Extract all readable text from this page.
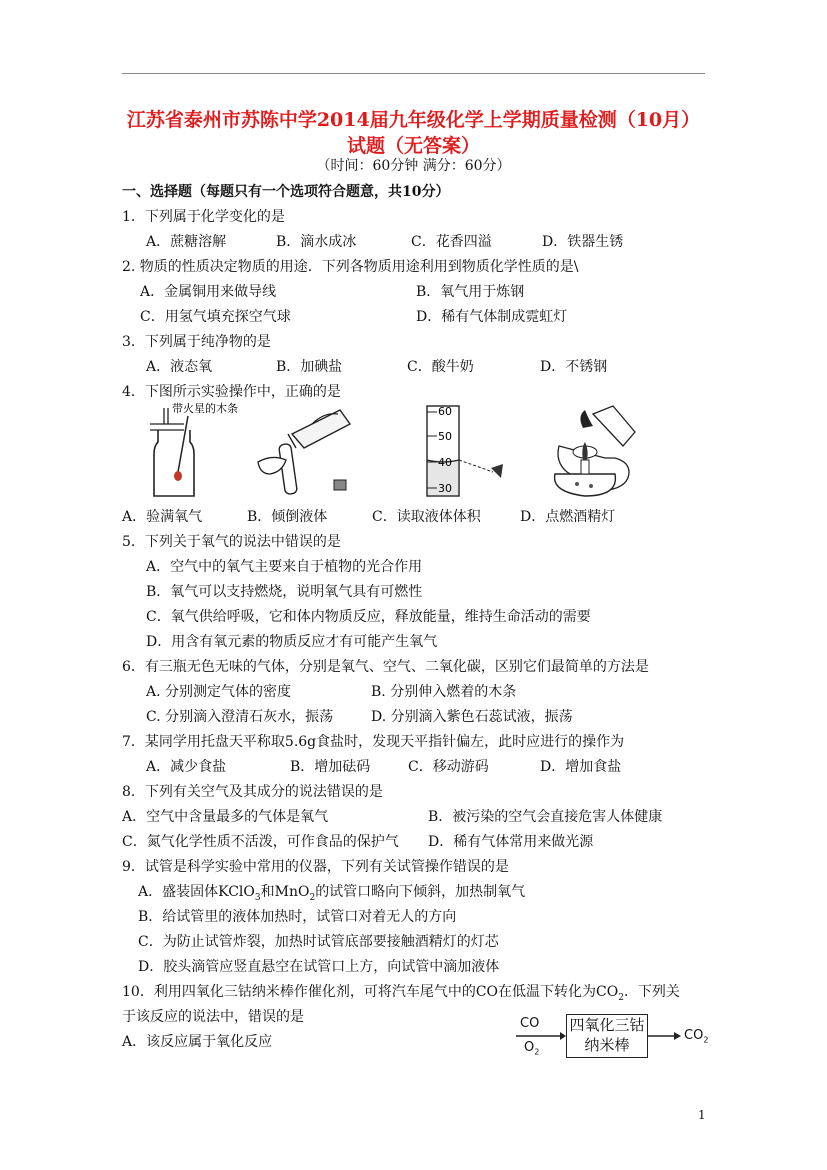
江苏省泰州市苏陈中学2014届九年级化学上学期质量检测（10月）
试题（无答案）
（时间：60分钟 满分：60分）
一、选择题（每题只有一个选项符合题意，共10分）
1．下列属于化学变化的是
A．蔗糖溶解	B．滴水成冰	C．花香四溢	D．铁器生锈
2. 物质的性质决定物质的用途．下列各物质用途利用到物质化学性质的是\
A．金属铜用来做导线	B．氧气用于炼钢
C．用氢气填充探空气球	D．稀有气体制成霓虹灯
3．下列属于纯净物的是
A．液态氧	B．加碘盐	C．酸牛奶	D．不锈钢
4．下图所示实验操作中，正确的是
带火星的木条	60
50
40
30
A．验满氧气	B．倾倒液体	C．读取液体体积	D．点燃酒精灯
5．下列关于氧气的说法中错误的是
A．空气中的氧气主要来自于植物的光合作用
B．氧气可以支持燃烧，说明氧气具有可燃性
C．氧气供给呼吸，它和体内物质反应，释放能量，维持生命活动的需要
D．用含有氧元素的物质反应才有可能产生氧气
6．有三瓶无色无味的气体，分别是氧气、空气、二氧化碳，区别它们最简单的方法是
A. 分别测定气体的密度	B. 分别伸入燃着的木条
C. 分别滴入澄清石灰水，振荡	D. 分别滴入紫色石蕊试液，振荡
7．某同学用托盘天平称取5.6g食盐时，发现天平指针偏左，此时应进行的操作为
A．减少食盐	B．增加砝码	C．移动游码	D．增加食盐
8．下列有关空气及其成分的说法错误的是
A．空气中含量最多的气体是氧气	B．被污染的空气会直接危害人体健康
C．氮气化学性质不活泼，可作食品的保护气 D．稀有气体常用来做光源
9．试管是科学实验中常用的仪器，下列有关试管操作错误的是
A．盛装固体KClO$_3$和MnO$_2$的试管口略向下倾斜，加热制氧气
B．给试管里的液体加热时，试管口对着无人的方向
C．为防止试管炸裂，加热时试管底部要接触酒精灯的灯芯
D．胶头滴管应竖直悬空在试管口上方，向试管中滴加液体
10．利用四氧化三钴纳米棒作催化剂，可将汽车尾气中的CO在低温下转化为$CO_2$．下列关
于该反应的说法中，错误的是
A．该反应属于氧化反应
CO
$O_2$
四氧化三钴
纳米棒
$CO_2$
1
